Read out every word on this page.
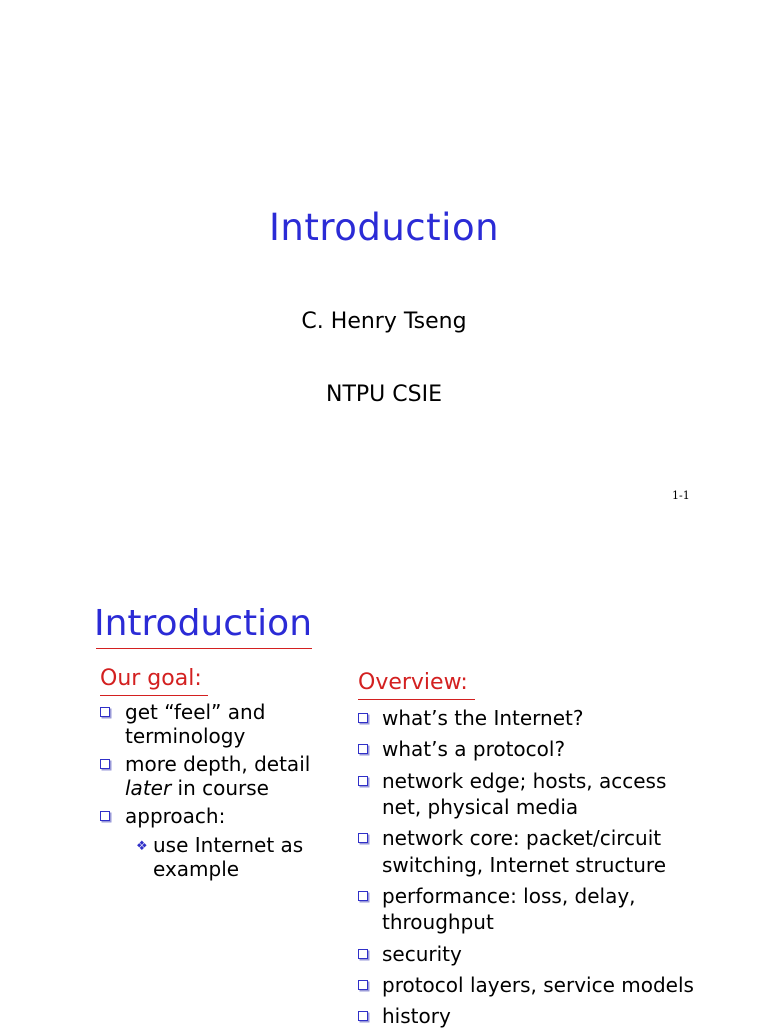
Introduction
C. Henry Tseng
NTPU CSIE
1-1
Introduction
Our goal:
get “feel” and
terminology
more depth, detail
later in course
approach:
❖ use Internet as
example
Overview:
what’s the Internet?
what’s a protocol?
network edge; hosts, access
net, physical media
network core: packet/circuit
switching, Internet structure
performance: loss, delay,
throughput
security
protocol layers, service models
history
